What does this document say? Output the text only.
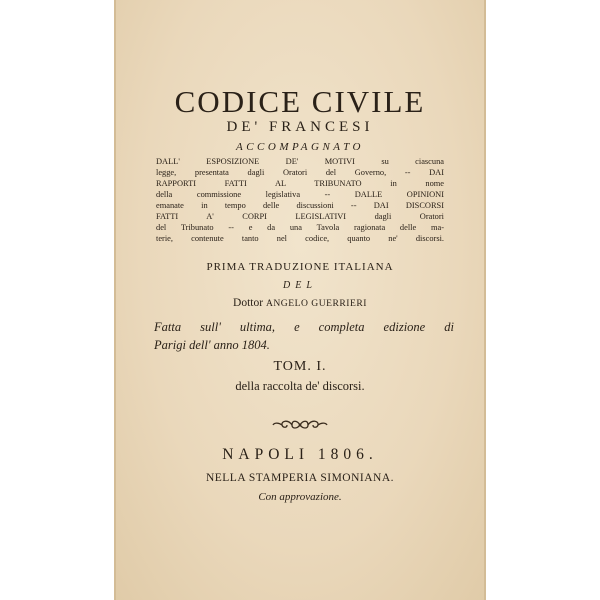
CODICE CIVILE
DE' FRANCESI
ACCOMPAGNATO

DALL' ESPOSIZIONE DE' MOTIVI su ciascuna

legge, presentata dagli Oratori del Governo, -- DAI

RAPPORTI FATTI AL TRIBUNATO in nome

della commissione legislativa -- DALLE OPINIONI

emanate in tempo delle discussioni -- DAI DISCORSI

FATTI A' CORPI LEGISLATIVI dagli Oratori

del Tribunato -- e da una Tavola ragionata delle ma-

terie, contenute tanto nel codice, quanto ne' discorsi.

PRIMA TRADUZIONE ITALIANA
DEL
Dottor ANGELO GUERRIERI
Fatta sull' ultima, e completa edizione di
Parigi dell' anno 1804.
TOM. I.
della raccolta de' discorsi.
NAPOLI 1806.
NELLA STAMPERIA SIMONIANA.
Con approvazione.
